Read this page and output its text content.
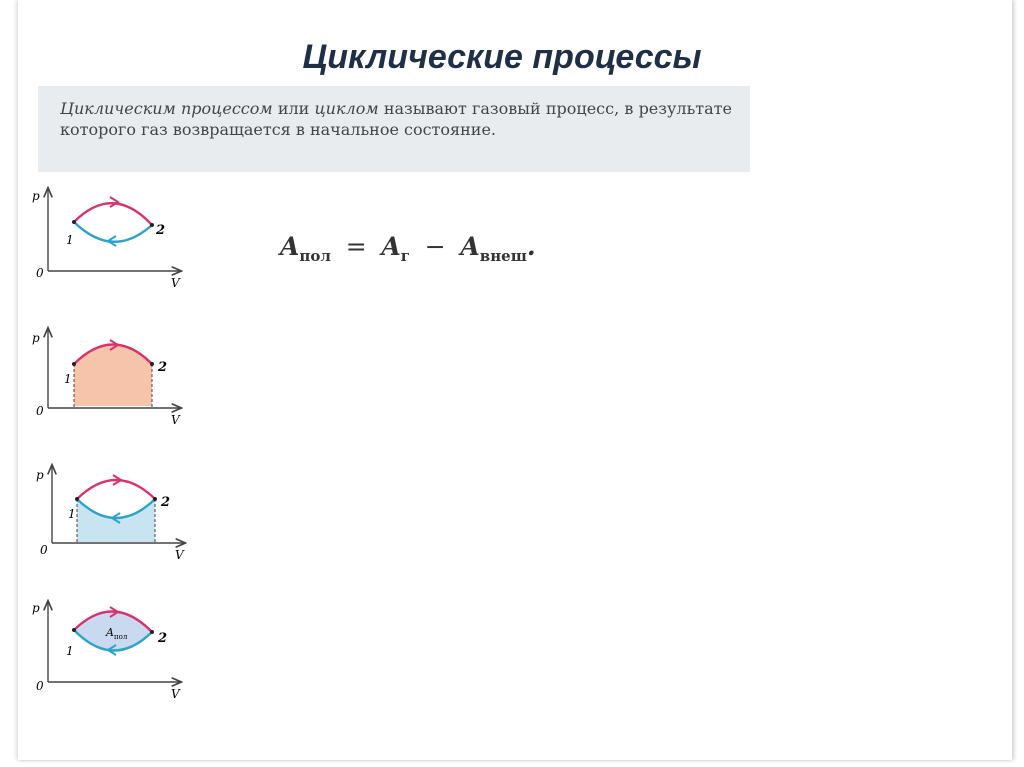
Циклические процессы
Циклическим процессом или циклом называют газовый процесс, в результате которого газ возвращается в начальное состояние.
$A_{пол} = A_г - A_{внеш}$.
p
V
0
1
2
p
V
0
1
2
p
V
0
1
2
p
V
0
$A_{пол}$
1
2
